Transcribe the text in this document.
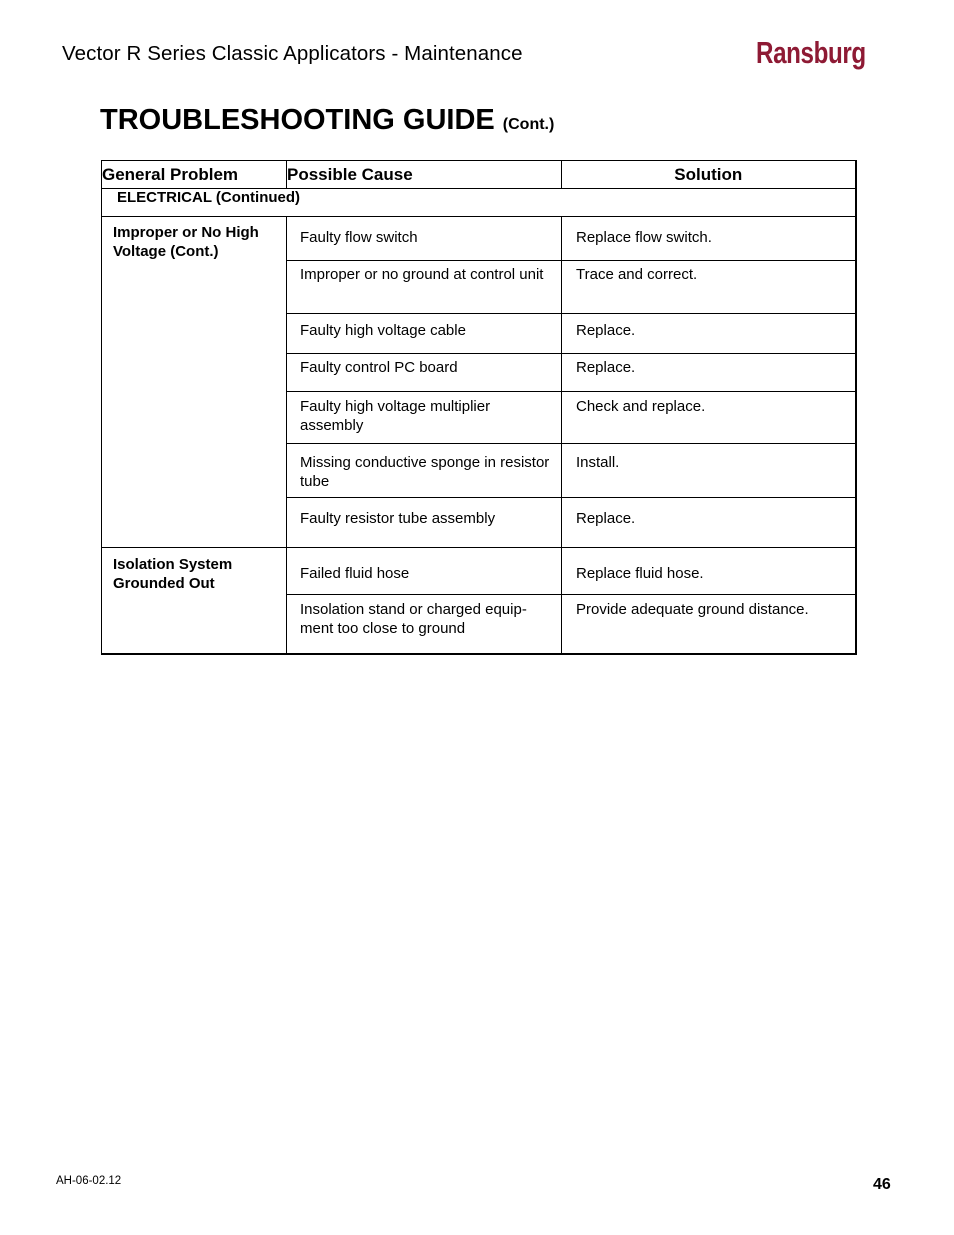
Vector R Series Classic Applicators - Maintenance	Ransburg
TROUBLESHOOTING GUIDE (Cont.)
General Problem	Possible Cause	Solution
ELECTRICAL (Continued)		
Improper or No High Voltage (Cont.)	Faulty flow switch	Replace flow switch.

	Improper or no ground at control unit	Trace and correct.

	Faulty high voltage cable	Replace.

	Faulty control PC board	Replace.

	Faulty high voltage multiplier assembly	Check and replace.

	Missing conductive sponge in resistor tube	Install.

	Faulty resistor tube assembly	Replace.

Isolation System Grounded Out	Failed fluid hose	Replace fluid hose.

	Insolation stand or charged equip-ment too close to ground	Provide adequate ground distance.
AH-06-02.12	46
